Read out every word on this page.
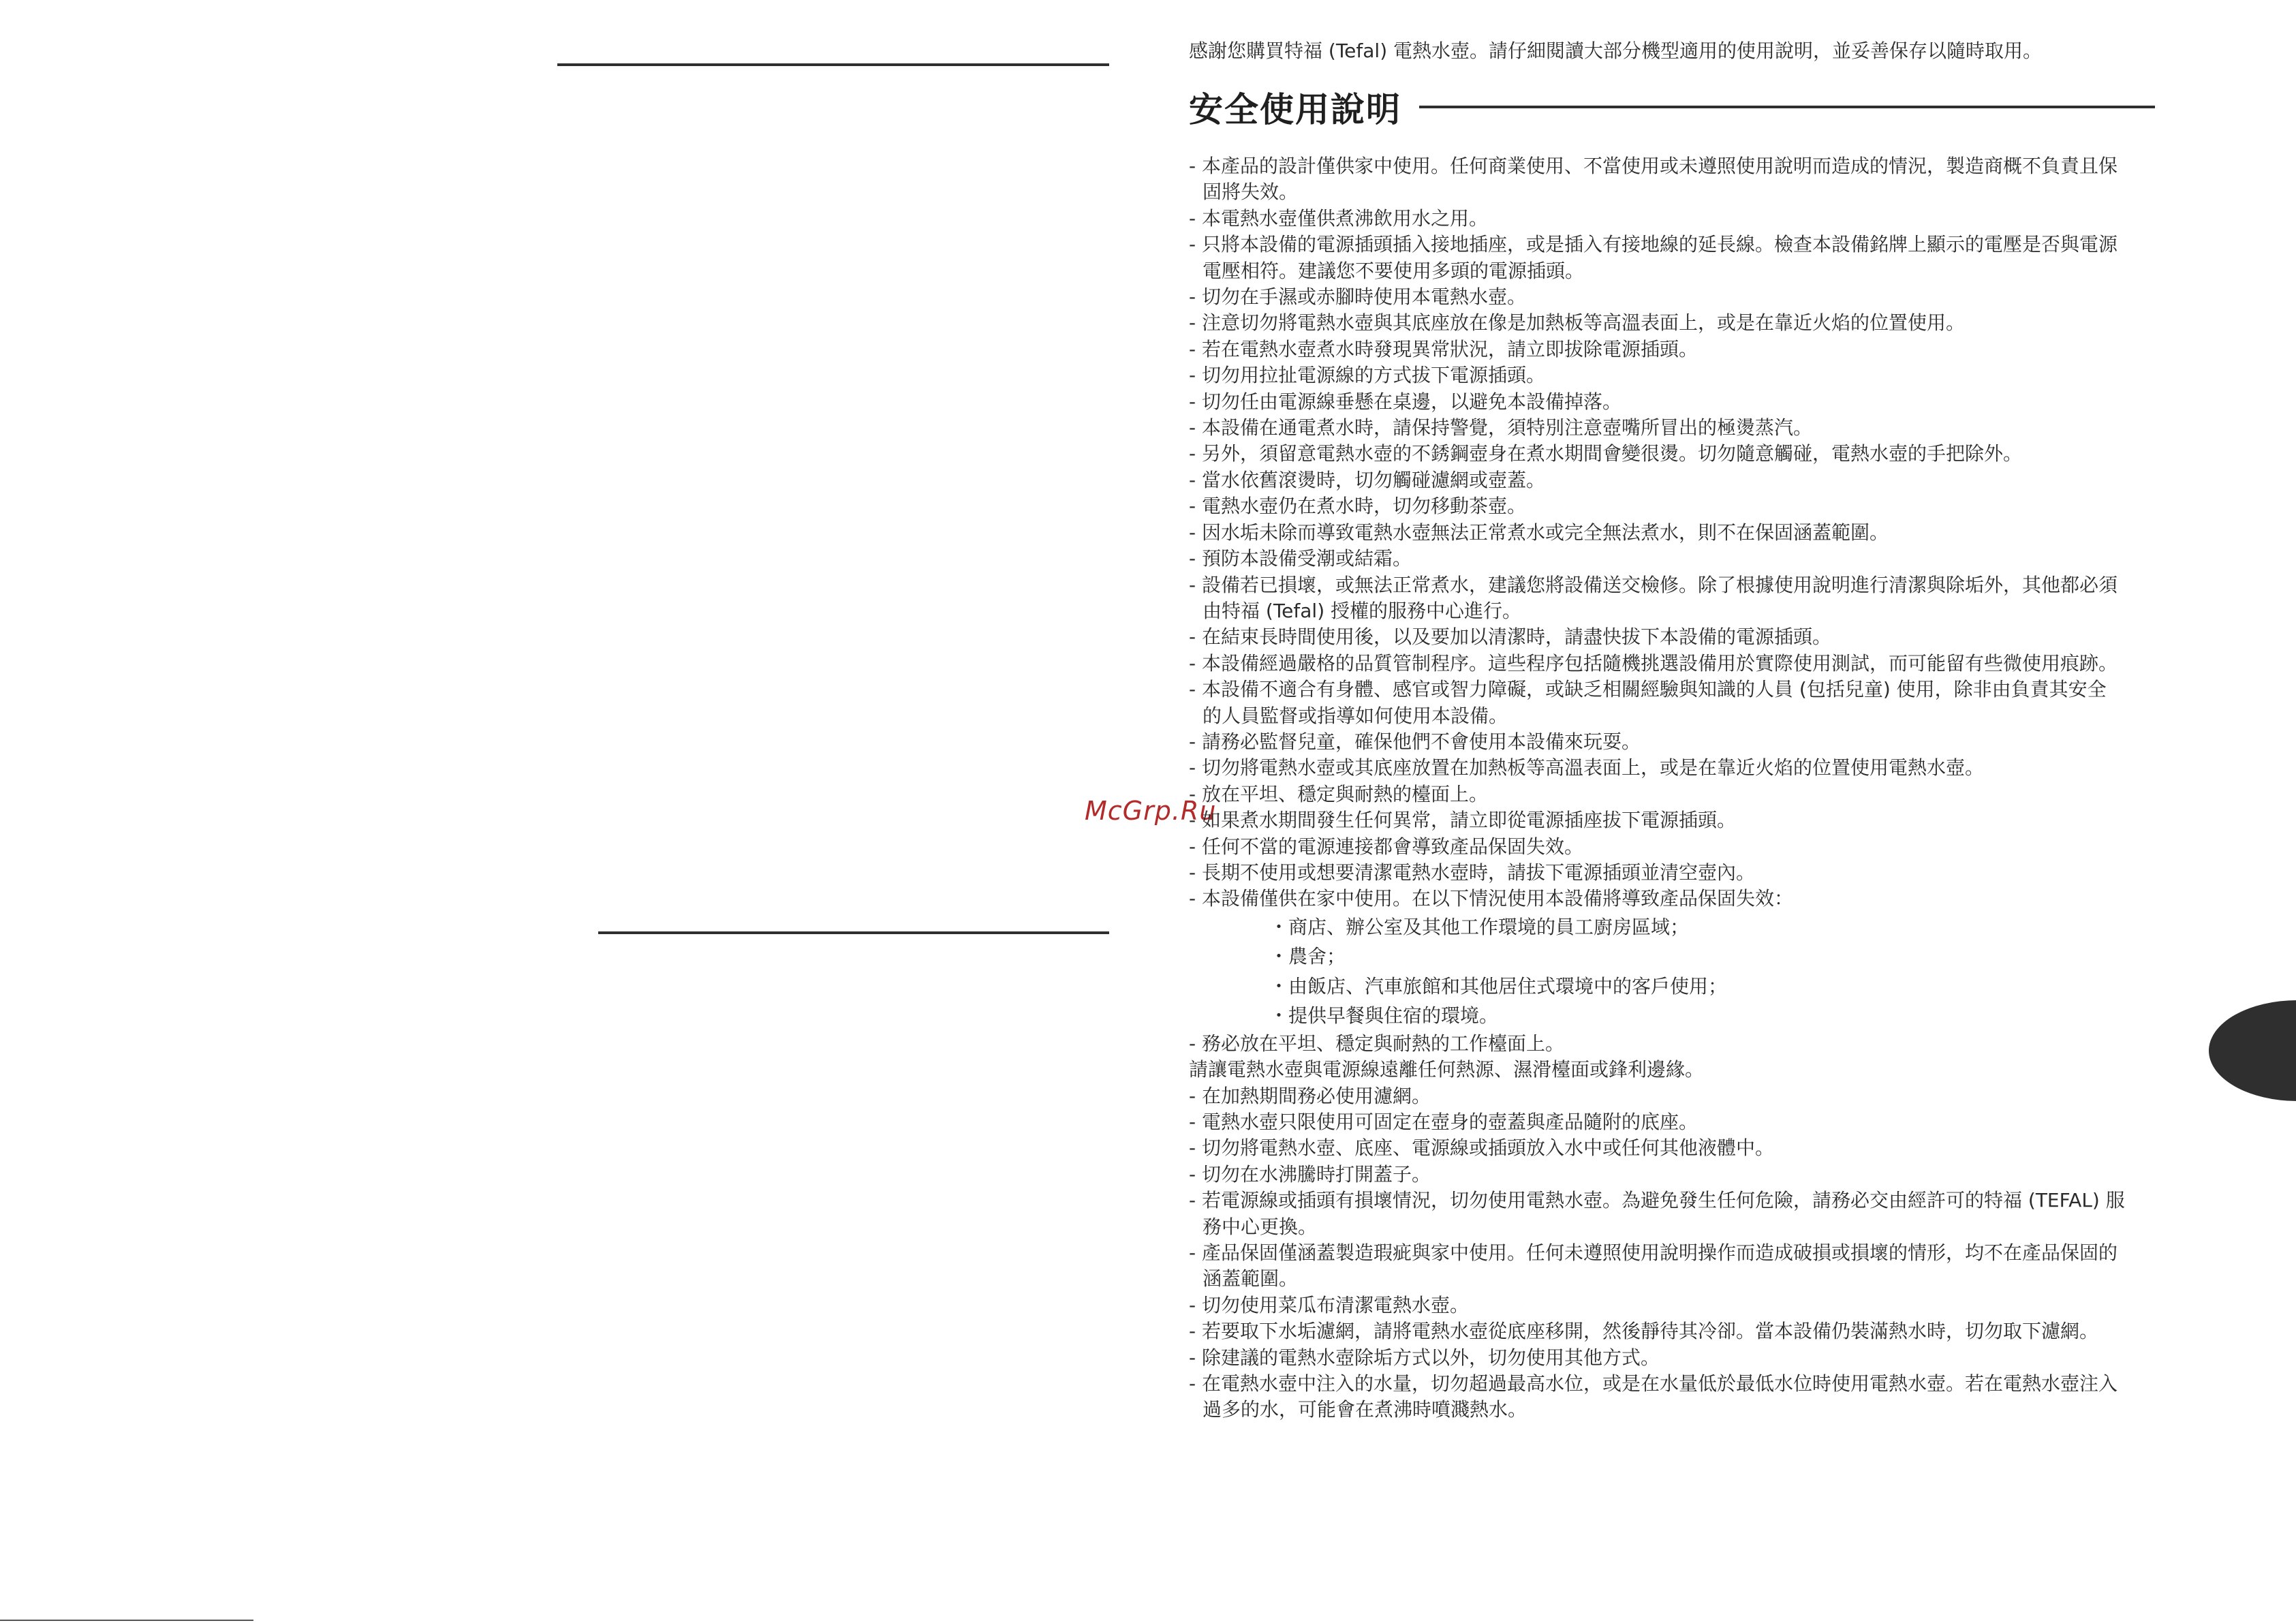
McGrp.Ru
感謝您購買特福 (Tefal) 電熱水壺。請仔細閱讀大部分機型適用的使用說明，並妥善保存以隨時取用。
安全使用說明
- 本產品的設計僅供家中使用。任何商業使用、不當使用或未遵照使用說明而造成的情況，製造商概不負責且保
固將失效。
- 本電熱水壺僅供煮沸飲用水之用。
- 只將本設備的電源插頭插入接地插座，或是插入有接地線的延長線。檢查本設備銘牌上顯示的電壓是否與電源
電壓相符。建議您不要使用多頭的電源插頭。
- 切勿在手濕或赤腳時使用本電熱水壺。
- 注意切勿將電熱水壺與其底座放在像是加熱板等高溫表面上，或是在靠近火焰的位置使用。
- 若在電熱水壺煮水時發現異常狀況，請立即拔除電源插頭。
- 切勿用拉扯電源線的方式拔下電源插頭。
- 切勿任由電源線垂懸在桌邊，以避免本設備掉落。
- 本設備在通電煮水時，請保持警覺，須特別注意壺嘴所冒出的極燙蒸汽。
- 另外，須留意電熱水壺的不銹鋼壺身在煮水期間會變很燙。切勿隨意觸碰，電熱水壺的手把除外。
- 當水依舊滾燙時，切勿觸碰濾網或壺蓋。
- 電熱水壺仍在煮水時，切勿移動茶壺。
- 因水垢未除而導致電熱水壺無法正常煮水或完全無法煮水，則不在保固涵蓋範圍。
- 預防本設備受潮或結霜。
- 設備若已損壞，或無法正常煮水，建議您將設備送交檢修。除了根據使用說明進行清潔與除垢外，其他都必須
由特福 (Tefal) 授權的服務中心進行。
- 在結束長時間使用後，以及要加以清潔時，請盡快拔下本設備的電源插頭。
- 本設備經過嚴格的品質管制程序。這些程序包括隨機挑選設備用於實際使用測試，而可能留有些微使用痕跡。
- 本設備不適合有身體、感官或智力障礙，或缺乏相關經驗與知識的人員 (包括兒童) 使用，除非由負責其安全
的人員監督或指導如何使用本設備。
- 請務必監督兒童，確保他們不會使用本設備來玩耍。
- 切勿將電熱水壺或其底座放置在加熱板等高溫表面上，或是在靠近火焰的位置使用電熱水壺。
- 放在平坦、穩定與耐熱的檯面上。
- 如果煮水期間發生任何異常，請立即從電源插座拔下電源插頭。
- 任何不當的電源連接都會導致產品保固失效。
- 長期不使用或想要清潔電熱水壺時，請拔下電源插頭並清空壺內。
- 本設備僅供在家中使用。在以下情況使用本設備將導致產品保固失效：
・商店、辦公室及其他工作環境的員工廚房區域；
・農舍；
・由飯店、汽車旅館和其他居住式環境中的客戶使用；
・提供早餐與住宿的環境。
- 務必放在平坦、穩定與耐熱的工作檯面上。
請讓電熱水壺與電源線遠離任何熱源、濕滑檯面或鋒利邊緣。
- 在加熱期間務必使用濾網。
- 電熱水壺只限使用可固定在壺身的壺蓋與產品隨附的底座。
- 切勿將電熱水壺、底座、電源線或插頭放入水中或任何其他液體中。
- 切勿在水沸騰時打開蓋子。
- 若電源線或插頭有損壞情況，切勿使用電熱水壺。為避免發生任何危險，請務必交由經許可的特福 (TEFAL) 服
務中心更換。
- 產品保固僅涵蓋製造瑕疵與家中使用。任何未遵照使用說明操作而造成破損或損壞的情形，均不在產品保固的
涵蓋範圍。
- 切勿使用菜瓜布清潔電熱水壺。
- 若要取下水垢濾網，請將電熱水壺從底座移開，然後靜待其冷卻。當本設備仍裝滿熱水時，切勿取下濾網。
- 除建議的電熱水壺除垢方式以外，切勿使用其他方式。
- 在電熱水壺中注入的水量，切勿超過最高水位，或是在水量低於最低水位時使用電熱水壺。若在電熱水壺注入
過多的水，可能會在煮沸時噴濺熱水。
